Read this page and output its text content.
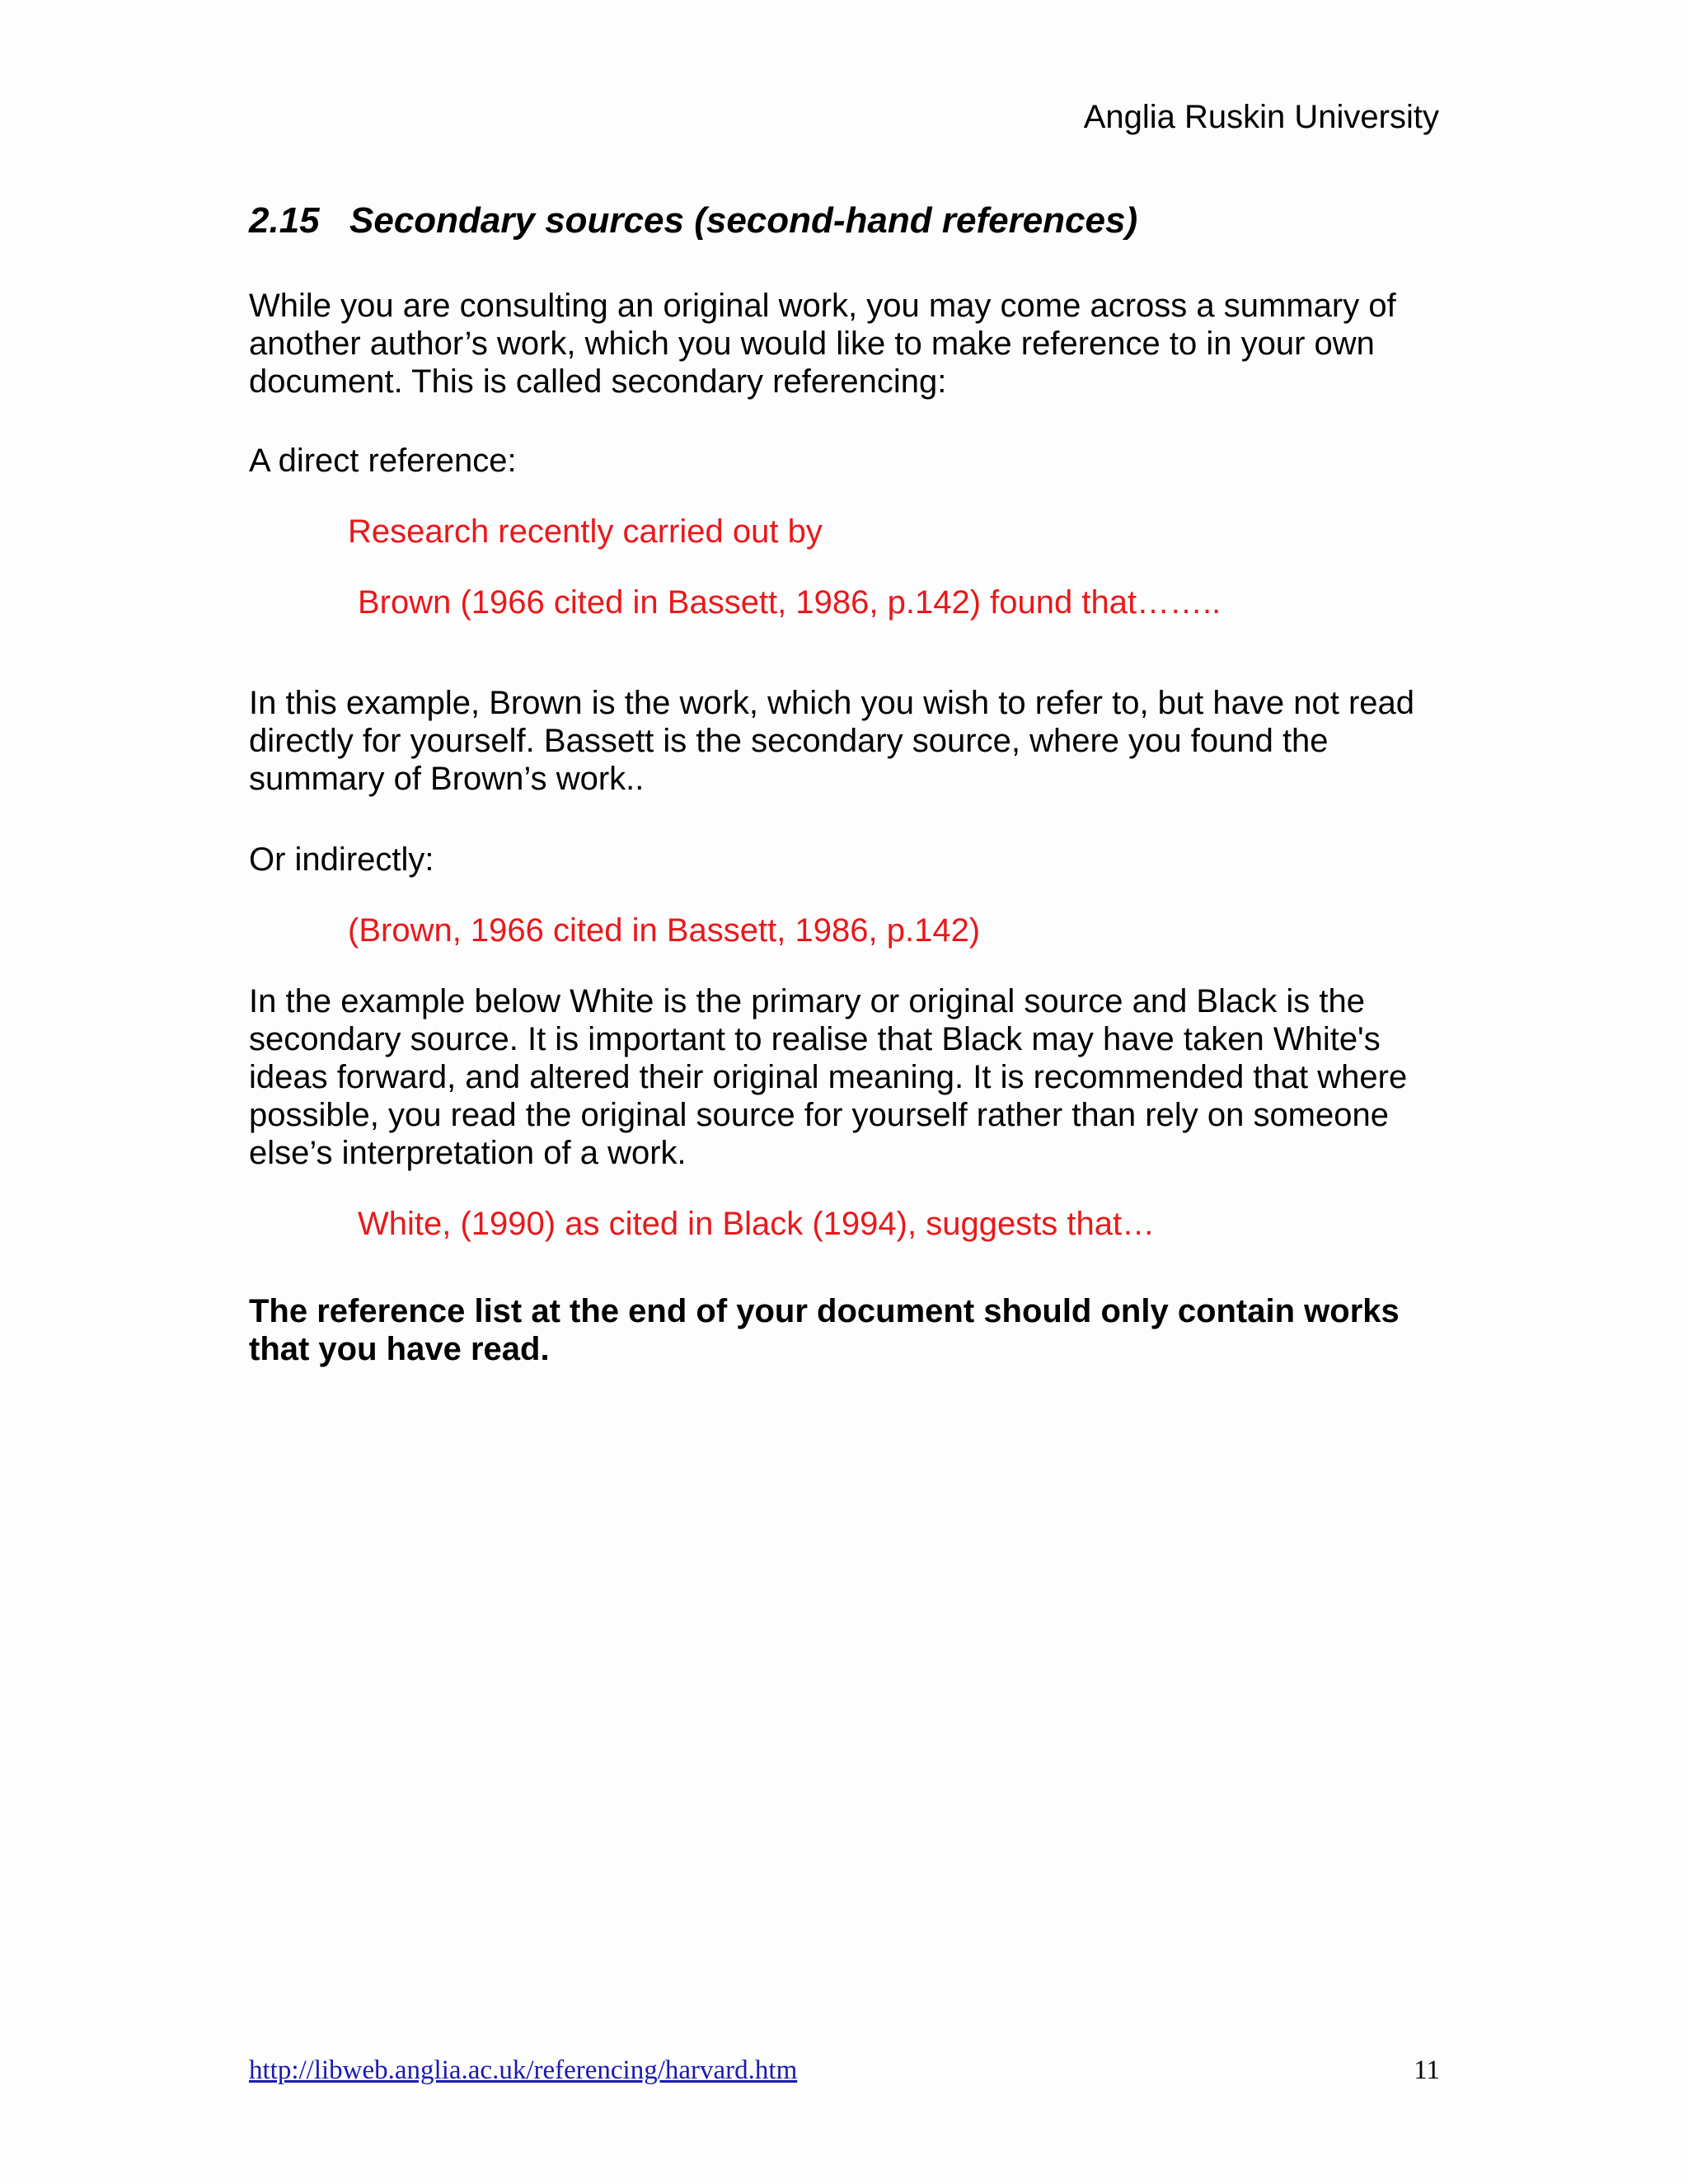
Anglia Ruskin University
2.15 Secondary sources (second-hand references)

While you are consulting an original work, you may come across a summary of another author’s work, which you would like to make reference to in your own document. This is called secondary referencing:

A direct reference:

Research recently carried out by

Brown (1966 cited in Bassett, 1986, p.142) found that……..

In this example, Brown is the work, which you wish to refer to, but have not read directly for yourself. Bassett is the secondary source, where you found the summary of Brown’s work..

Or indirectly:

(Brown, 1966 cited in Bassett, 1986, p.142)

In the example below White is the primary or original source and Black is the secondary source. It is important to realise that Black may have taken White's ideas forward, and altered their original meaning. It is recommended that where possible, you read the original source for yourself rather than rely on someone else’s interpretation of a work.

White, (1990) as cited in Black (1994), suggests that…

The reference list at the end of your document should only contain works that you have read.

http://libweb.anglia.ac.uk/referencing/harvard.htm	11
